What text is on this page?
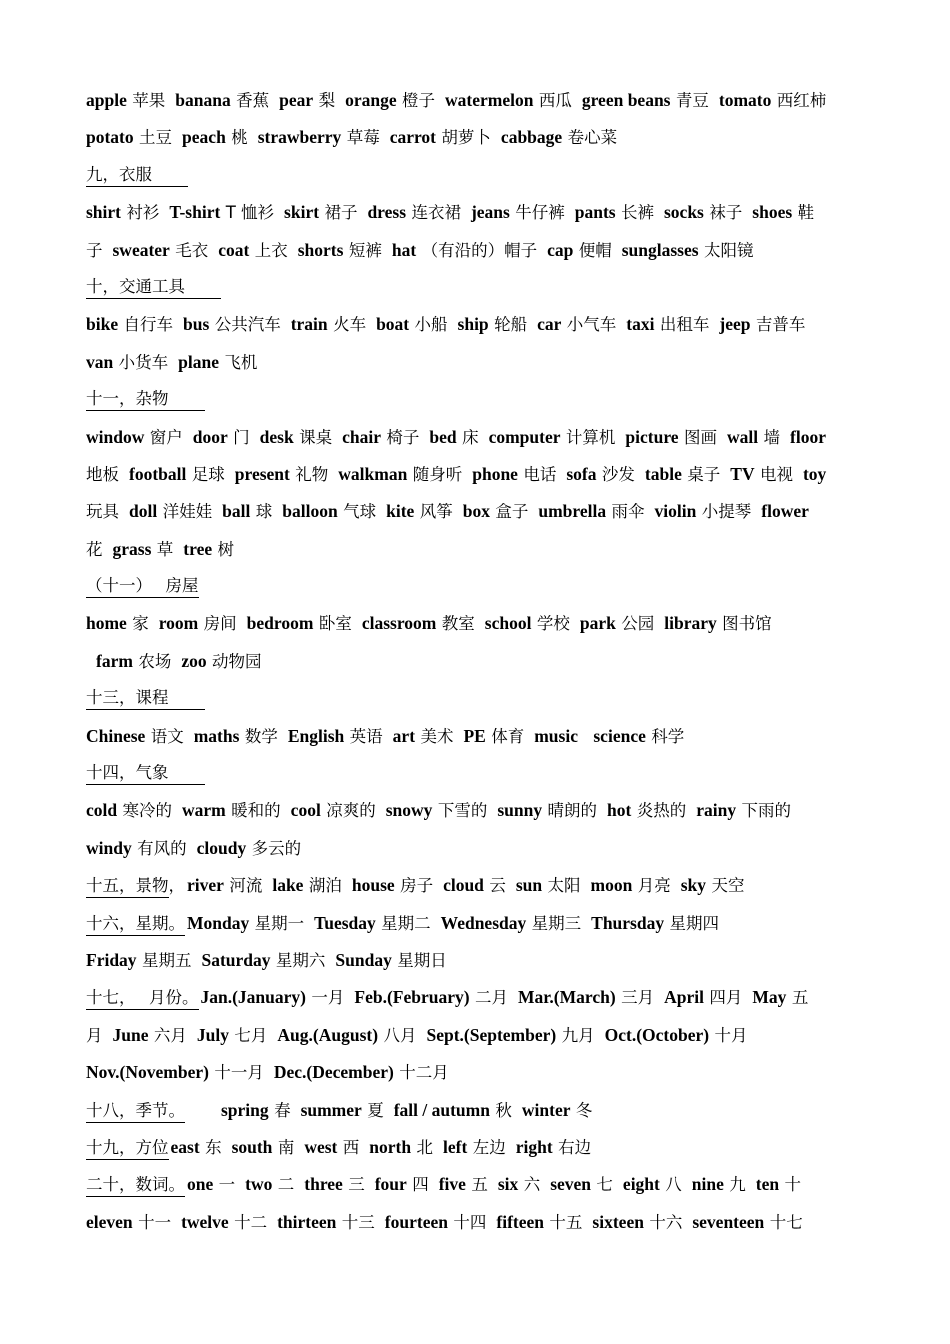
apple 苹果 banana 香蕉 pear 梨 orange 橙子 watermelon 西瓜 green beans 青豆 tomato 西红柿
potato 土豆 peach 桃 strawberry 草莓 carrot 胡萝卜 cabbage 卷心菜
九，衣服
shirt 衬衫 T-shirt T 恤衫 skirt 裙子 dress 连衣裙 jeans 牛仔裤 pants 长裤 socks 袜子 shoes 鞋
子 sweater 毛衣 coat 上衣 shorts 短裤 hat （有沿的）帽子 cap 便帽 sunglasses 太阳镜
十，交通工具
bike 自行车 bus 公共汽车 train 火车 boat 小船 ship 轮船 car 小气车 taxi 出租车 jeep 吉普车
van 小货车 plane 飞机
十一，杂物
window 窗户 door 门 desk 课桌 chair 椅子 bed 床 computer 计算机 picture 图画 wall 墙 floor
地板 football 足球 present 礼物 walkman 随身听 phone 电话 sofa 沙发 table 桌子 TV 电视 toy
玩具 doll 洋娃娃 ball 球 balloon 气球 kite 风筝 box 盒子 umbrella 雨伞 violin 小提琴 flower
花 grass 草 tree 树
（十一）　 房屋
home 家 room 房间 bedroom 卧室 classroom 教室 school 学校 park 公园 library 图书馆
farm 农场 zoo 动物园
十三，课程
Chinese 语文 maths 数学 English 英语 art 美术 PE 体育 music science 科学
十四，气象
cold 寒冷的 warm 暖和的 cool 凉爽的 snowy 下雪的 sunny 晴朗的 hot 炎热的 rainy 下雨的
windy 有风的 cloudy 多云的
十五，景物， river 河流 lake 湖泊 house 房子 cloud 云 sun 太阳 moon 月亮 sky 天空
十六，星期。 Monday 星期一 Tuesday 星期二 Wednesday 星期三 Thursday 星期四
Friday 星期五 Saturday 星期六 Sunday 星期日
十七，　 月份。Jan.(January) 一月 Feb.(February) 二月 Mar.(March) 三月 April 四月 May 五
月 June 六月 July 七月 Aug.(August) 八月 Sept.(September) 九月 Oct.(October) 十月
Nov.(November) 十一月 Dec.(December) 十二月
十八，季节。 spring 春 summer 夏 fall / autumn 秋 winter 冬
十九，方位 east 东 south 南 west 西 north 北 left 左边 right 右边
二十，数词。one 一 two 二 three 三 four 四 five 五 six 六 seven 七 eight 八 nine 九 ten 十
eleven 十一 twelve 十二 thirteen 十三 fourteen 十四 fifteen 十五 sixteen 十六 seventeen 十七
